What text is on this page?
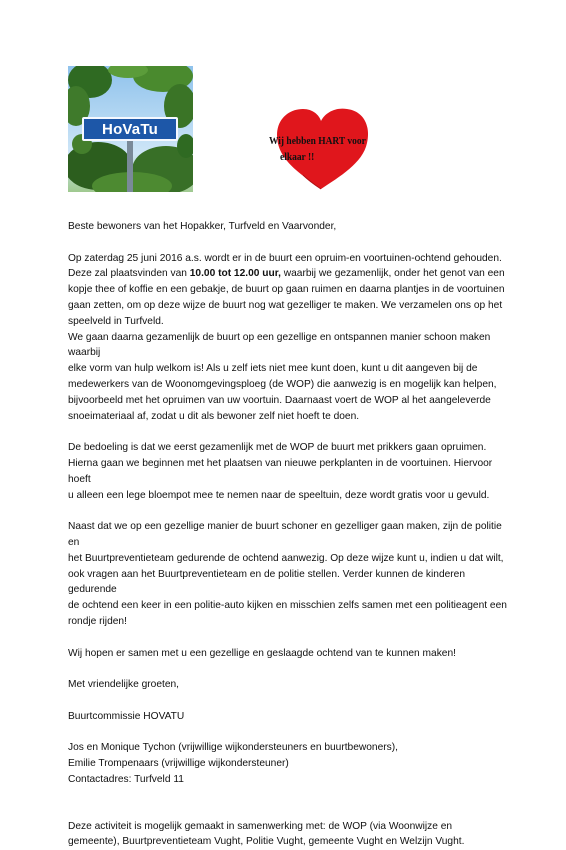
HoVaTu
Wij hebben HART voor
elkaar !!

Beste bewoners van het Hopakker, Turfveld en Vaarvonder,

Op zaterdag 25 juni 2016 a.s. wordt er in de buurt een opruim-en voortuinen-ochtend gehouden.

Deze zal plaatsvinden van 10.00 tot 12.00 uur, waarbij we gezamenlijk, onder het genot van een

kopje thee of koffie en een gebakje, de buurt op gaan ruimen en daarna plantjes in de voortuinen

gaan zetten, om op deze wijze de buurt nog wat gezelliger te maken. We verzamelen ons op het

speelveld in Turfveld.

We gaan daarna gezamenlijk de buurt op een gezellige en ontspannen manier schoon maken waarbij

elke vorm van hulp welkom is! Als u zelf iets niet mee kunt doen, kunt u dit aangeven bij de

medewerkers van de Woonomgevingsploeg (de WOP) die aanwezig is en mogelijk kan helpen,

bijvoorbeeld met het opruimen van uw voortuin. Daarnaast voert de WOP al het aangeleverde

snoeimateriaal af, zodat u dit als bewoner zelf niet hoeft te doen.

De bedoeling is dat we eerst gezamenlijk met de WOP de buurt met prikkers gaan opruimen.

Hierna gaan we beginnen met het plaatsen van nieuwe perkplanten in de voortuinen. Hiervoor hoeft

u alleen een lege bloempot mee te nemen naar de speeltuin, deze wordt gratis voor u gevuld.

Naast dat we op een gezellige manier de buurt schoner en gezelliger gaan maken, zijn de politie en

het Buurtpreventieteam gedurende de ochtend aanwezig. Op deze wijze kunt u, indien u dat wilt,

ook vragen aan het Buurtpreventieteam en de politie stellen. Verder kunnen de kinderen gedurende

de ochtend een keer in een politie-auto kijken en misschien zelfs samen met een politieagent een

rondje rijden!

Wij hopen er samen met u een gezellige en geslaagde ochtend van te kunnen maken!

Met vriendelijke groeten,

Buurtcommissie HOVATU

Jos en Monique Tychon (vrijwillige wijkondersteuners en buurtbewoners),

Emilie Trompenaars (vrijwillige wijkondersteuner)

Contactadres: Turfveld 11

Deze activiteit is mogelijk gemaakt in samenwerking met: de WOP (via Woonwijze en

gemeente), Buurtpreventieteam Vught, Politie Vught, gemeente Vught en Welzijn Vught.
